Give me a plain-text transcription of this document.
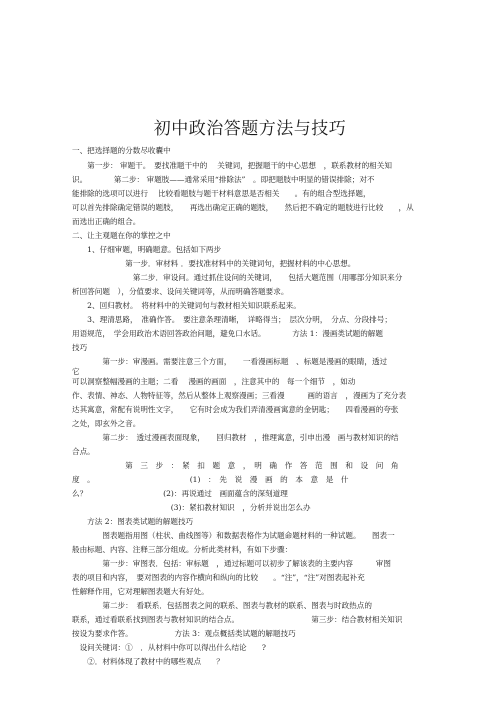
初中政治答题方法与技巧
一、把选择题的分数尽收囊中
　　第一步： 审题干。　要找准题干中的　 关键词，把握题干的中心思想　，联系教材的相关知
识。　　　　第二步： 审题肢——通常采用“排除法”　。即把题肢中明显的错误排除；对不
能排除的选项可以进行　 比较看题肢与题干材料意思是否相关　　。有的组合型选择题，
可以首先排除确定错误的题肢，　　再选出确定正确的题肢，　　然后把不确定的题肢进行比较　　，从
而选出正确的组合。
二、让主观题在你的掌控之中
　　1、仔细审题，明确题意。包括如下两步
　　　　　　　第一步．审材料 ．要找准材料中的关键词句，把握材料的中心思想。
　　　　　　　　第二步．审设问。通过抓住设问的关键词，　　包括大题范围（用哪部分知识来分
析回答问题　），分值要求、设问关键词等，从而明确答题要求。
　　2、回归教材。　将材料中的关键词句与教材相关知识联系起来。
　　3、理清思路，　准确作答。　要注意条理清晰，　详略得当；　层次分明，　分点、分段排号；
用语规范，　学会用政治术语回答政治问题，避免口水话。　　　　方法 1：漫画类试题的解题
技巧
　　　　第一步：审漫画。需要注意三个方面，　　一看漫画标题　、标题是漫画的眼睛，透过
它
可以洞察整幅漫画的主题；二看　 漫画的画面　，注意其中的　每一个细节　，如动
作、表情、神态、人物特征等，然后从整体上观察漫画；三看漫　　　画的语言　，漫画为了充分表
达其寓意，常配有说明性文字，　　它有时会成为我们弄清漫画寓意的金钥匙；　　四看漫画的夸张
之处，即玄外之音。
　　　　第二步：　透过漫画表面现象，　　回归教材　，推理寓意，引申出漫　画与教材知识的结
合点。
　　　　　　　第　三　步　：　紧　扣　题　意　，　明　确　作　答　范　围　和　设　问　角
度　。　　　　　　　　　　　　　(1)　：　先　说　漫　画　的　本　意　是　什
么？　　　　　　　　　　(2)：再说通过　画面蕴含的深刻道理
　　　　　　　　　　　　　(3)：紧扣教材知识　，分析并说出怎么办
　　方法 2：图表类试题的解题技巧
　　　　图表题指用图（柱状、曲线图等）和数据表格作为试题命题材料的一种试题。　　图表一
般由标题、内容、注释三部分组成。分析此类材料，有如下步骤：
　　　　第一步：审图表．包括：审标题　，通过标题可以初步了解该表的主要内容　　　审图
表的项目和内容，　要对图表的内容作横向和纵向的比较　　。“注”，“注”对图表起补充
性解释作用，它对理解图表题大有好处。
　　　　第二步：　看联系．包括图表之间的联系、图表与教材的联系、图表与时政热点的
联系，通过看联系找到图表与教材知识的结合点。　　　　　　　　　　第三步：结合教材相关知识
按设为要求作答。　　　　　　方法 3：观点概括类试题的解题技巧
　设问关键词：①　．从材料中你可以得出什么结论　　?
　　②．材料体现了教材中的哪些观点　　？
